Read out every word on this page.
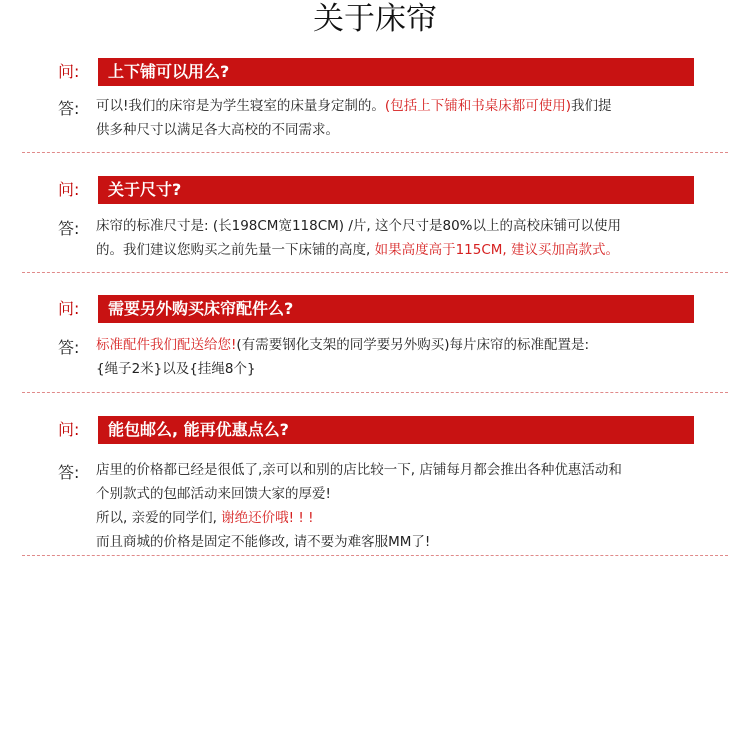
关于床帘
问: 上下铺可以用么?
答: 可以!我们的床帘是为学生寝室的床量身定制的。(包括上下铺和书桌床都可使用)我们提
供多种尺寸以满足各大高校的不同需求。
问: 关于尺寸?
答: 床帘的标准尺寸是: (长198CM宽118CM) /片, 这个尺寸是80%以上的高校床铺可以使用
的。我们建议您购买之前先量一下床铺的高度, 如果高度高于115CM, 建议买加高款式。
问: 需要另外购买床帘配件么?
答: 标准配件我们配送给您!(有需要钢化支架的同学要另外购买)每片床帘的标准配置是:
{绳子2米}以及{挂绳8个}
问: 能包邮么, 能再优惠点么?
答: 店里的价格都已经是很低了,亲可以和别的店比较一下, 店铺每月都会推出各种优惠活动和
个别款式的包邮活动来回馈大家的厚爱!
所以, 亲爱的同学们, 谢绝还价哦! ! !
而且商城的价格是固定不能修改, 请不要为难客服MM了!
